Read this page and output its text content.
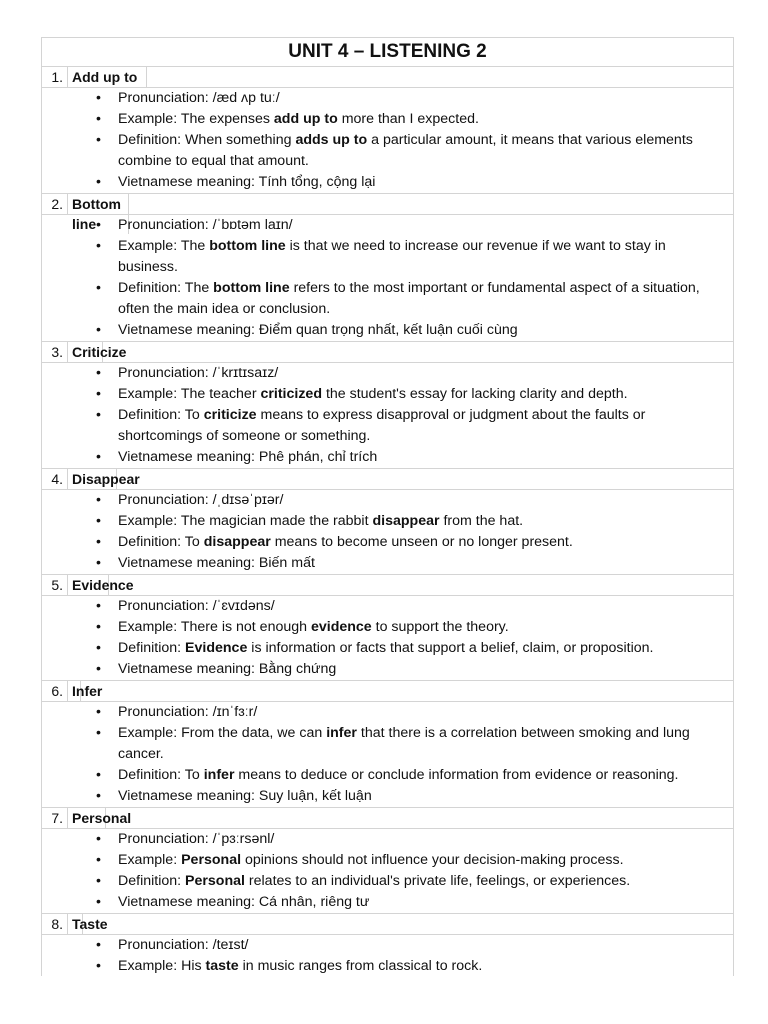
UNIT 4 – LISTENING 2
1. Add up to
• Pronunciation: /æd ʌp tuː/
• Example: The expenses add up to more than I expected.
• Definition: When something adds up to a particular amount, it means that various elements combine to equal that amount.
• Vietnamese meaning: Tính tổng, cộng lại
2. Bottom line
•	Pronunciation: /ˈbɒtəm laɪn/
• Example: The bottom line is that we need to increase our revenue if we want to stay in business.
• Definition: The bottom line refers to the most important or fundamental aspect of a situation, often the main idea or conclusion.
• Vietnamese meaning: Điểm quan trọng nhất, kết luận cuối cùng
3. Criticize
• Pronunciation: /ˈkrɪtɪsaɪz/
• Example: The teacher criticized the student's essay for lacking clarity and depth.
• Definition: To criticize means to express disapproval or judgment about the faults or shortcomings of someone or something.
• Vietnamese meaning: Phê phán, chỉ trích
4. Disappear
• Pronunciation: /ˌdɪsəˈpɪər/
• Example: The magician made the rabbit disappear from the hat.
• Definition: To disappear means to become unseen or no longer present.
• Vietnamese meaning: Biến mất
5. Evidence
• Pronunciation: /ˈɛvɪdəns/
• Example: There is not enough evidence to support the theory.
• Definition: Evidence is information or facts that support a belief, claim, or proposition.
• Vietnamese meaning: Bằng chứng
6. Infer
• Pronunciation: /ɪnˈfɜːr/
• Example: From the data, we can infer that there is a correlation between smoking and lung cancer.
• Definition: To infer means to deduce or conclude information from evidence or reasoning.
• Vietnamese meaning: Suy luận, kết luận
7. Personal
• Pronunciation: /ˈpɜːrsənl/
• Example: Personal opinions should not influence your decision-making process.
• Definition: Personal relates to an individual's private life, feelings, or experiences.
• Vietnamese meaning: Cá nhân, riêng tư
8. Taste
• Pronunciation: /teɪst/
• Example: His taste in music ranges from classical to rock.
